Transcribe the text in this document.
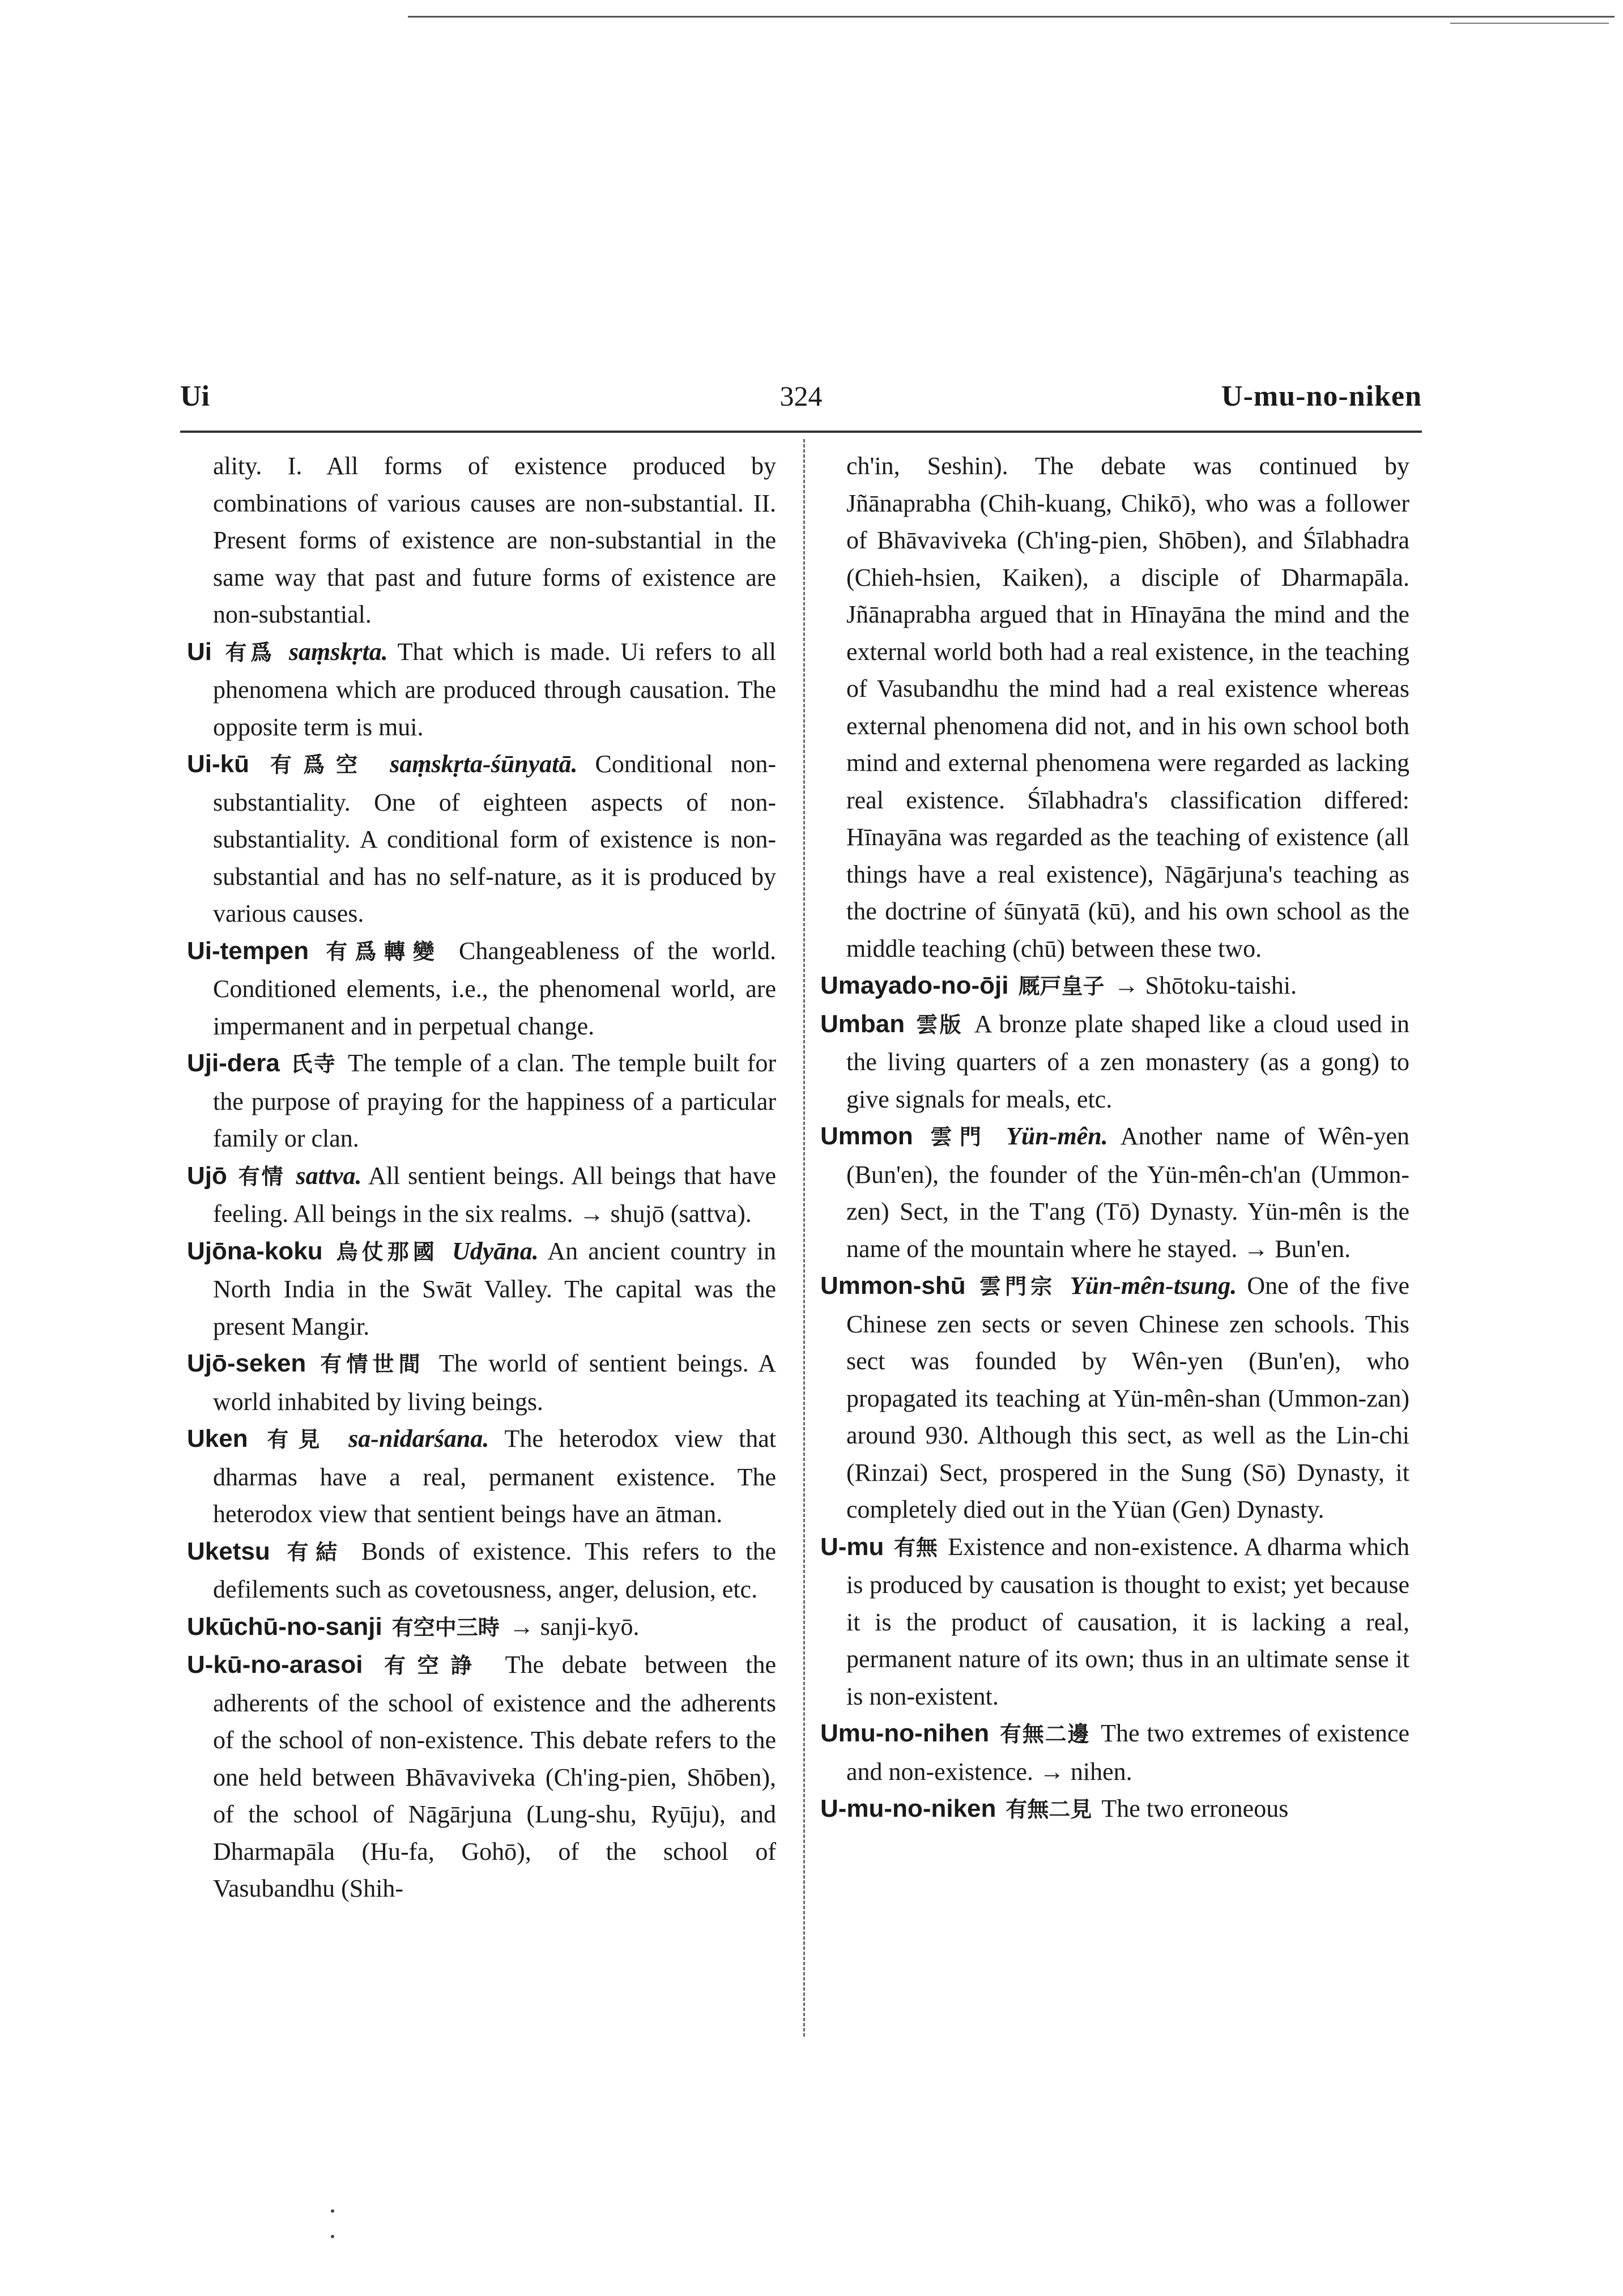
Ui	324	U-mu-no-niken

ality. I. All forms of existence produced by combinations of various causes are non-substantial. II. Present forms of existence are non-substantial in the same way that past and future forms of existence are non-substantial.

Ui 有爲 saṃskṛta. That which is made. Ui refers to all phenomena which are produced through causation. The opposite term is mui.

Ui-kū 有爲空 saṃskṛta-śūnyatā. Conditional non-substantiality. One of eighteen aspects of non-substantiality. A conditional form of existence is non-substantial and has no self-nature, as it is produced by various causes.

Ui-tempen 有爲轉變 Changeableness of the world. Conditioned elements, i.e., the phenomenal world, are impermanent and in perpetual change.

Uji-dera 氏寺 The temple of a clan. The temple built for the purpose of praying for the happiness of a particular family or clan.

Ujō 有情 sattva. All sentient beings. All beings that have feeling. All beings in the six realms. → shujō (sattva).

Ujōna-koku 烏仗那國 Udyāna. An ancient country in North India in the Swāt Valley. The capital was the present Mangir.

Ujō-seken 有情世間 The world of sentient beings. A world inhabited by living beings.

Uken 有見 sa-nidarśana. The heterodox view that dharmas have a real, permanent existence. The heterodox view that sentient beings have an ātman.

Uketsu 有結 Bonds of existence. This refers to the defilements such as covetousness, anger, delusion, etc.

Ukūchū-no-sanji 有空中三時 → sanji-kyō.

U-kū-no-arasoi 有空諍 The debate between the adherents of the school of existence and the adherents of the school of non-existence. This debate refers to the one held between Bhāvaviveka (Ch'ing-pien, Shōben), of the school of Nāgārjuna (Lung-shu, Ryūju), and Dharmapāla (Hu-fa, Gohō), of the school of Vasubandhu (Shih-

ch'in, Seshin). The debate was continued by Jñānaprabha (Chih-kuang, Chikō), who was a follower of Bhāvaviveka (Ch'ing-pien, Shōben), and Śīlabhadra (Chieh-hsien, Kaiken), a disciple of Dharmapāla. Jñānaprabha argued that in Hīnayāna the mind and the external world both had a real existence, in the teaching of Vasubandhu the mind had a real existence whereas external phenomena did not, and in his own school both mind and external phenomena were regarded as lacking real existence. Śīlabhadra's classification differed: Hīnayāna was regarded as the teaching of existence (all things have a real existence), Nāgārjuna's teaching as the doctrine of śūnyatā (kū), and his own school as the middle teaching (chū) between these two.

Umayado-no-ōji 厩戸皇子 → Shōtoku-taishi.

Umban 雲版 A bronze plate shaped like a cloud used in the living quarters of a zen monastery (as a gong) to give signals for meals, etc.

Ummon 雲門 Yün-mên. Another name of Wên-yen (Bun'en), the founder of the Yün-mên-ch'an (Ummon-zen) Sect, in the T'ang (Tō) Dynasty. Yün-mên is the name of the mountain where he stayed. → Bun'en.

Ummon-shū 雲門宗 Yün-mên-tsung. One of the five Chinese zen sects or seven Chinese zen schools. This sect was founded by Wên-yen (Bun'en), who propagated its teaching at Yün-mên-shan (Ummon-zan) around 930. Although this sect, as well as the Lin-chi (Rinzai) Sect, prospered in the Sung (Sō) Dynasty, it completely died out in the Yüan (Gen) Dynasty.

U-mu 有無 Existence and non-existence. A dharma which is produced by causation is thought to exist; yet because it is the product of causation, it is lacking a real, permanent nature of its own; thus in an ultimate sense it is non-existent.

Umu-no-nihen 有無二邊 The two extremes of existence and non-existence. → nihen.

U-mu-no-niken 有無二見 The two erroneous
